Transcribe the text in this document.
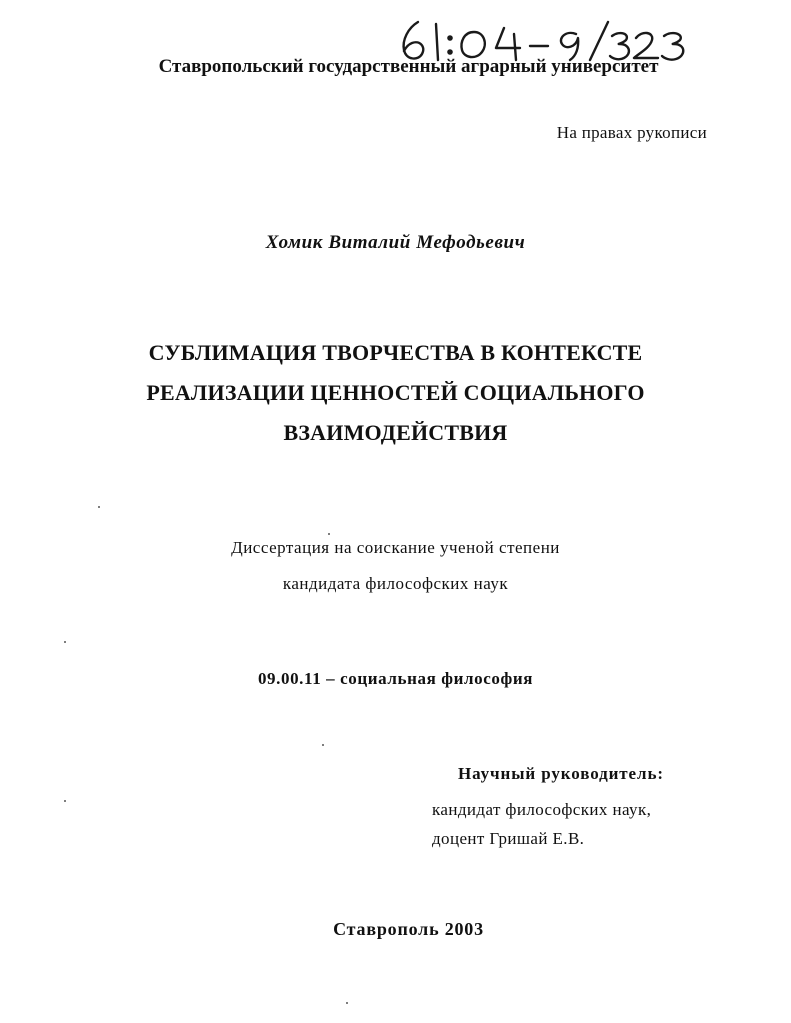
Ставропольский государственный аграрный университет
На правах рукописи
Хомик Виталий Мефодьевич
СУБЛИМАЦИЯ ТВОРЧЕСТВА В КОНТЕКСТЕ
РЕАЛИЗАЦИИ ЦЕННОСТЕЙ СОЦИАЛЬНОГО
ВЗАИМОДЕЙСТВИЯ
Диссертация на соискание ученой степени
кандидата философских наук
09.00.11 – социальная философия
Научный руководитель:
кандидат философских наук,
доцент Гришай Е.В.
Ставрополь 2003
